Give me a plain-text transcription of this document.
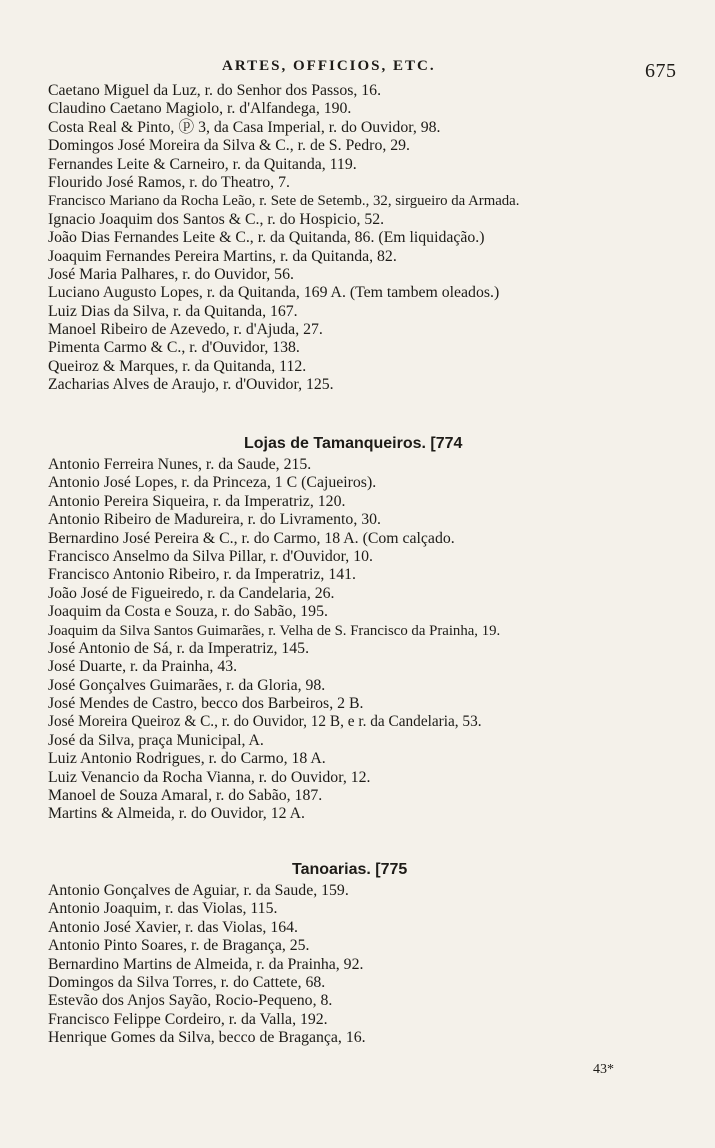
ARTES, OFFICIOS, ETC.	675
Caetano Miguel da Luz, r. do Senhor dos Passos, 16.
Claudino Caetano Magiolo, r. d'Alfandega, 190.
Costa Real & Pinto, ⓟ 3, da Casa Imperial, r. do Ouvidor, 98.
Domingos José Moreira da Silva & C., r. de S. Pedro, 29.
Fernandes Leite & Carneiro, r. da Quitanda, 119.
Flourido José Ramos, r. do Theatro, 7.
Francisco Mariano da Rocha Leão, r. Sete de Setemb., 32, sirgueiro da Armada.
Ignacio Joaquim dos Santos & C., r. do Hospicio, 52.
João Dias Fernandes Leite & C., r. da Quitanda, 86. (Em liquidação.)
Joaquim Fernandes Pereira Martins, r. da Quitanda, 82.
José Maria Palhares, r. do Ouvidor, 56.
Luciano Augusto Lopes, r. da Quitanda, 169 A. (Tem tambem oleados.)
Luiz Dias da Silva, r. da Quitanda, 167.
Manoel Ribeiro de Azevedo, r. d'Ajuda, 27.
Pimenta Carmo & C., r. d'Ouvidor, 138.
Queiroz & Marques, r. da Quitanda, 112.
Zacharias Alves de Araujo, r. d'Ouvidor, 125.
Lojas de Tamanqueiros. [774
Antonio Ferreira Nunes, r. da Saude, 215.
Antonio José Lopes, r. da Princeza, 1 C (Cajueiros).
Antonio Pereira Siqueira, r. da Imperatriz, 120.
Antonio Ribeiro de Madureira, r. do Livramento, 30.
Bernardino José Pereira & C., r. do Carmo, 18 A. (Com calçado.
Francisco Anselmo da Silva Pillar, r. d'Ouvidor, 10.
Francisco Antonio Ribeiro, r. da Imperatriz, 141.
João José de Figueiredo, r. da Candelaria, 26.
Joaquim da Costa e Souza, r. do Sabão, 195.
Joaquim da Silva Santos Guimarães, r. Velha de S. Francisco da Prainha, 19.
José Antonio de Sá, r. da Imperatriz, 145.
José Duarte, r. da Prainha, 43.
José Gonçalves Guimarães, r. da Gloria, 98.
José Mendes de Castro, becco dos Barbeiros, 2 B.
José Moreira Queiroz & C., r. do Ouvidor, 12 B, e r. da Candelaria, 53.
José da Silva, praça Municipal, A.
Luiz Antonio Rodrigues, r. do Carmo, 18 A.
Luiz Venancio da Rocha Vianna, r. do Ouvidor, 12.
Manoel de Souza Amaral, r. do Sabão, 187.
Martins & Almeida, r. do Ouvidor, 12 A.
Tanoarias. [775
Antonio Gonçalves de Aguiar, r. da Saude, 159.
Antonio Joaquim, r. das Violas, 115.
Antonio José Xavier, r. das Violas, 164.
Antonio Pinto Soares, r. de Bragança, 25.
Bernardino Martins de Almeida, r. da Prainha, 92.
Domingos da Silva Torres, r. do Cattete, 68.
Estevão dos Anjos Sayão, Rocio-Pequeno, 8.
Francisco Felippe Cordeiro, r. da Valla, 192.
Henrique Gomes da Silva, becco de Bragança, 16.
43*
